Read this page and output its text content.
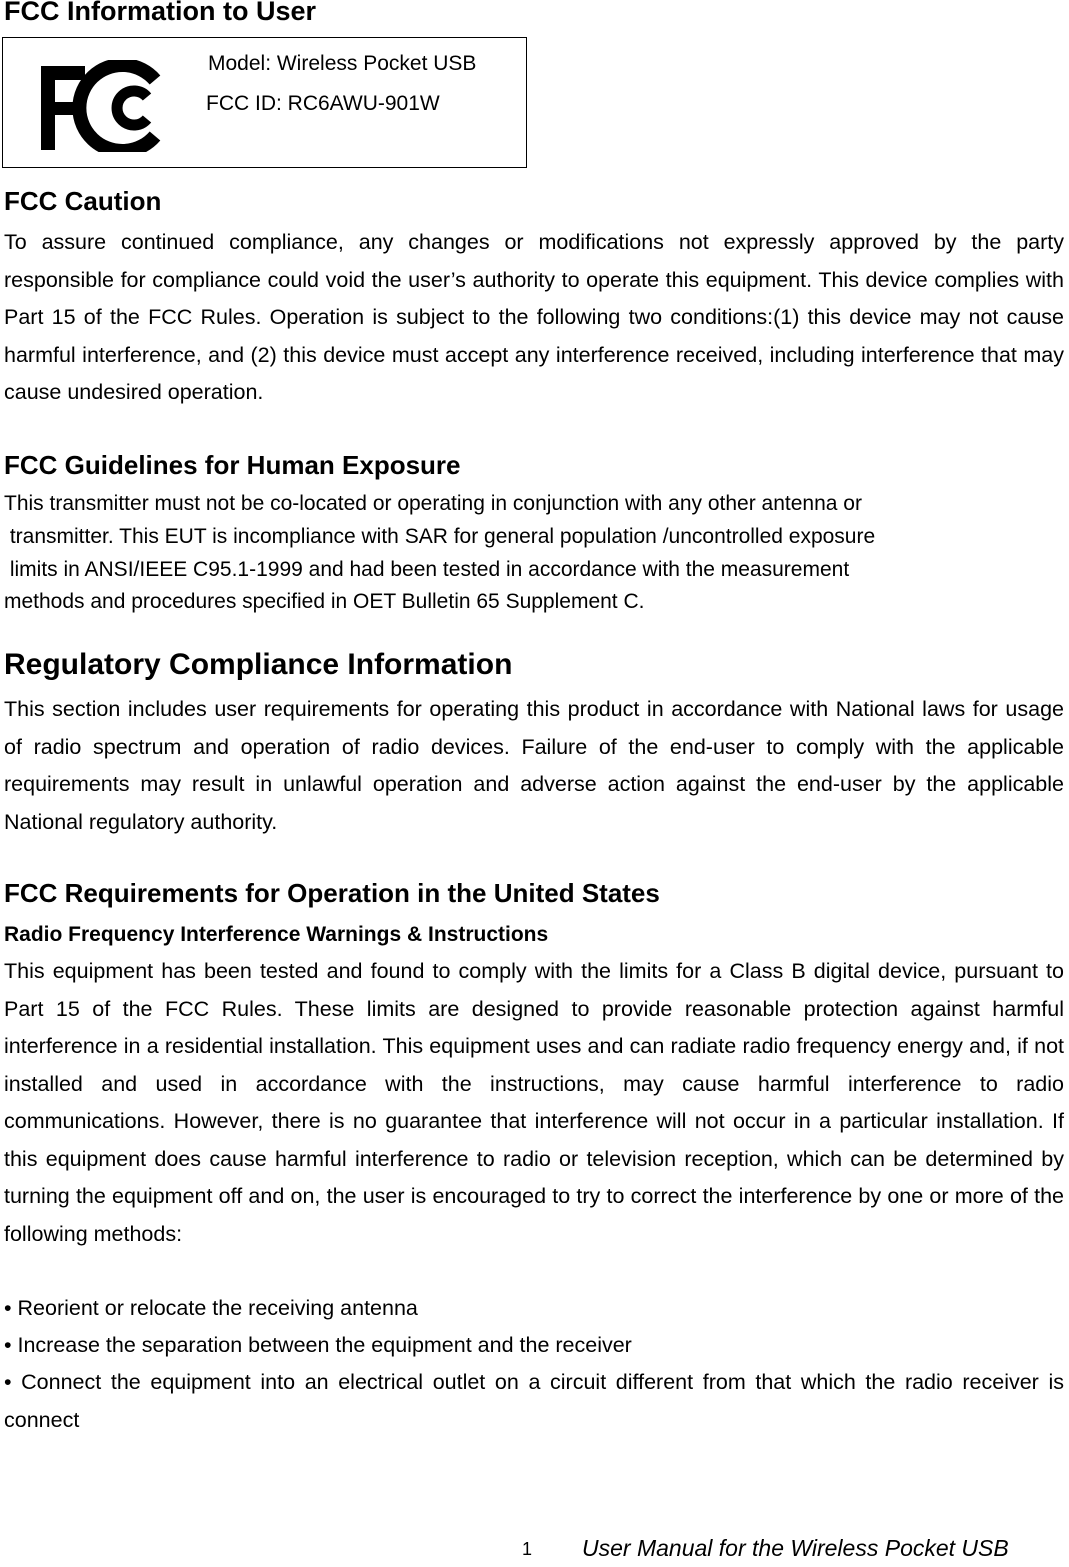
FCC Information to User
Model: Wireless Pocket USB
FCC ID: RC6AWU-901W
FCC Caution
To assure continued compliance, any changes or modifications not expressly approved by the party responsible for compliance could void the user’s authority to operate this equipment. This device complies with Part 15 of the FCC Rules. Operation is subject to the following two conditions:(1) this device may not cause harmful interference, and (2) this device must accept any interference received, including interference that may cause undesired operation.
FCC Guidelines for Human Exposure
This transmitter must not be co-located or operating in conjunction with any other antenna or
transmitter. This EUT is incompliance with SAR for general population /uncontrolled exposure
limits in ANSI/IEEE C95.1-1999 and had been tested in accordance with the measurement
methods and procedures specified in OET Bulletin 65 Supplement C.
Regulatory Compliance Information
This section includes user requirements for operating this product in accordance with National laws for usage of radio spectrum and operation of radio devices. Failure of the end-user to comply with the applicable requirements may result in unlawful operation and adverse action against the end-user by the applicable National regulatory authority.
FCC Requirements for Operation in the United States
Radio Frequency Interference Warnings & Instructions
This equipment has been tested and found to comply with the limits for a Class B digital device, pursuant to Part 15 of the FCC Rules. These limits are designed to provide reasonable protection against harmful interference in a residential installation. This equipment uses and can radiate radio frequency energy and, if not installed and used in accordance with the instructions, may cause harmful interference to radio communications. However, there is no guarantee that interference will not occur in a particular installation. If this equipment does cause harmful interference to radio or television reception, which can be determined by turning the equipment off and on, the user is encouraged to try to correct the interference by one or more of the following methods:
• Reorient or relocate the receiving antenna
• Increase the separation between the equipment and the receiver
• Connect the equipment into an electrical outlet on a circuit different from that which the radio receiver is connect
1 User Manual for the Wireless Pocket USB
